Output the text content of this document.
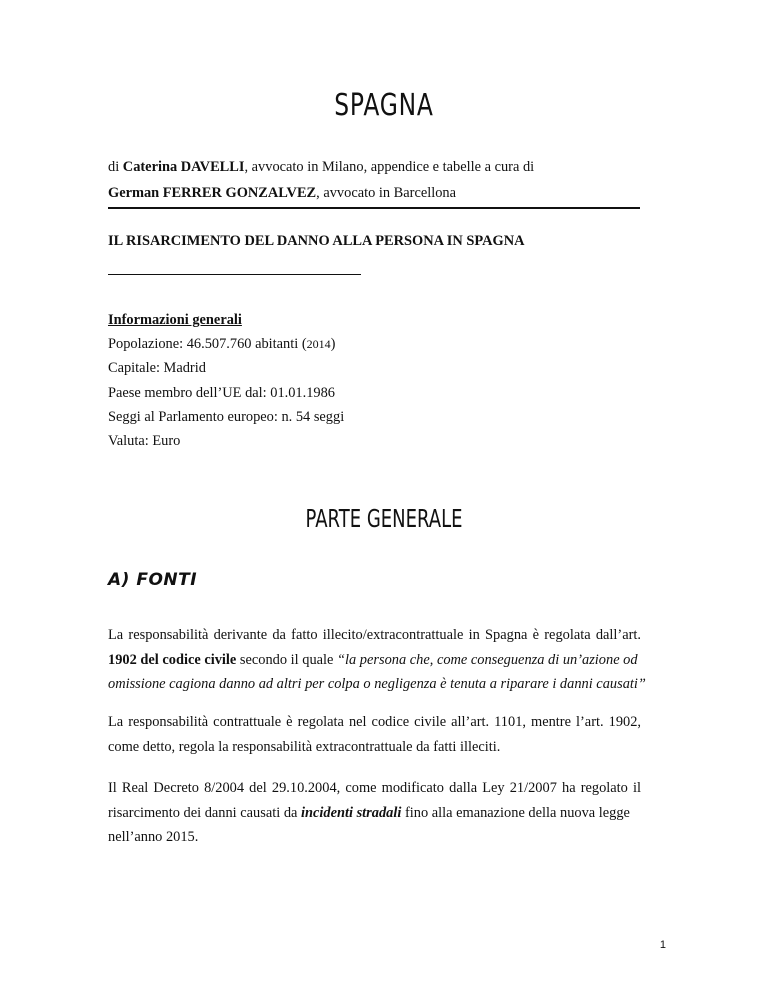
SPAGNA
di Caterina DAVELLI, avvocato in Milano, appendice e tabelle a cura di
German FERRER GONZALVEZ, avvocato in Barcellona
IL RISARCIMENTO DEL DANNO ALLA PERSONA IN SPAGNA
Informazioni generali
Popolazione: 46.507.760 abitanti (2014)
Capitale: Madrid
Paese membro dell’UE dal: 01.01.1986
Seggi al Parlamento europeo: n. 54 seggi
Valuta: Euro
PARTE GENERALE
A) FONTI
La responsabilità derivante da fatto illecito/extracontrattuale in Spagna è regolata dall’art.
1902 del codice civile secondo il quale “la persona che, come conseguenza di un’azione od
omissione cagiona danno ad altri per colpa o negligenza è tenuta a riparare i danni causati”
La responsabilità contrattuale è regolata nel codice civile all’art. 1101, mentre l’art. 1902,
come detto, regola la responsabilità extracontrattuale da fatti illeciti.
Il Real Decreto 8/2004 del 29.10.2004, come modificato dalla Ley 21/2007 ha regolato il
risarcimento dei danni causati da incidenti stradali fino alla emanazione della nuova legge
nell’anno 2015.
1
